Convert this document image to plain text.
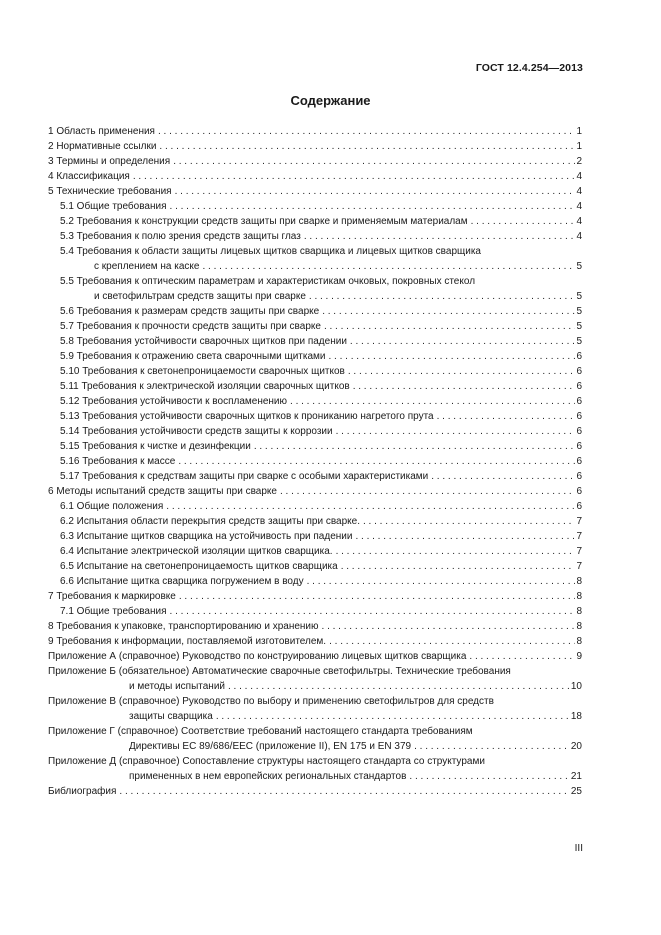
ГОСТ 12.4.254—2013
Содержание
1 Область применения . . .	1
2 Нормативные ссылки . . .	1
3 Термины и определения . . .	2
4 Классификация . . .	4
5 Технические требования . . .	4
5.1 Общие требования . . .	4
5.2 Требования к конструкции средств защиты при сварке и применяемым материалам . . .	4
5.3 Требования к полю зрения средств защиты глаз . . .	4
5.4 Требования к области защиты лицевых щитков сварщика и лицевых щитков сварщика
с креплением на каске . . .	5
5.5 Требования к оптическим параметрам и характеристикам очковых, покровных стекол
и светофильтрам средств защиты при сварке . . .	5
5.6 Требования к размерам средств защиты при сварке . . .	5
5.7 Требования к прочности средств защиты при сварке . . .	5
5.8 Требования устойчивости сварочных щитков при падении . . .	5
5.9 Требования к отражению света сварочными щитками . . .	6
5.10 Требования к светонепроницаемости сварочных щитков . . .	6
5.11 Требования к электрической изоляции сварочных щитков . . .	6
5.12 Требования устойчивости к воспламенению . . .	6
5.13 Требования устойчивости сварочных щитков к прониканию нагретого прута . . .	6
5.14 Требования устойчивости средств защиты к коррозии . . .	6
5.15 Требования к чистке и дезинфекции . . .	6
5.16 Требования к массе . . .	6
5.17 Требования к средствам защиты при сварке с особыми характеристиками . . .	6
6 Методы испытаний средств защиты при сварке . . .	6
6.1 Общие положения . . .	6
6.2 Испытания области перекрытия средств защиты при сварке. . . .	7
6.3 Испытание щитков сварщика на устойчивость при падении . . .	7
6.4 Испытание электрической изоляции щитков сварщика. . . .	7
6.5 Испытание на светонепроницаемость щитков сварщика . . .	7
6.6 Испытание щитка сварщика погружением в воду . . .	8
7 Требования к маркировке . . .	8
7.1 Общие требования . . .	8
8 Требования к упаковке, транспортированию и хранению . . .	8
9 Требования к информации, поставляемой изготовителем. . . .	8
Приложение А (справочное) Руководство по конструированию лицевых щитков сварщика . . .	9
Приложение Б (обязательное) Автоматические сварочные светофильтры. Технические требования
и методы испытаний . . .	10
Приложение В (справочное) Руководство по выбору и применению светофильтров для средств
защиты сварщика . . .	18
Приложение Г (справочное) Соответствие требований настоящего стандарта требованиям
Директивы ЕС 89/686/ЕЕС (приложение II), EN 175 и EN 379 . . .	20
Приложение Д (справочное) Сопоставление структуры настоящего стандарта со структурами
примененных в нем европейских региональных стандартов . . .	21
Библиография . . .	25
III
